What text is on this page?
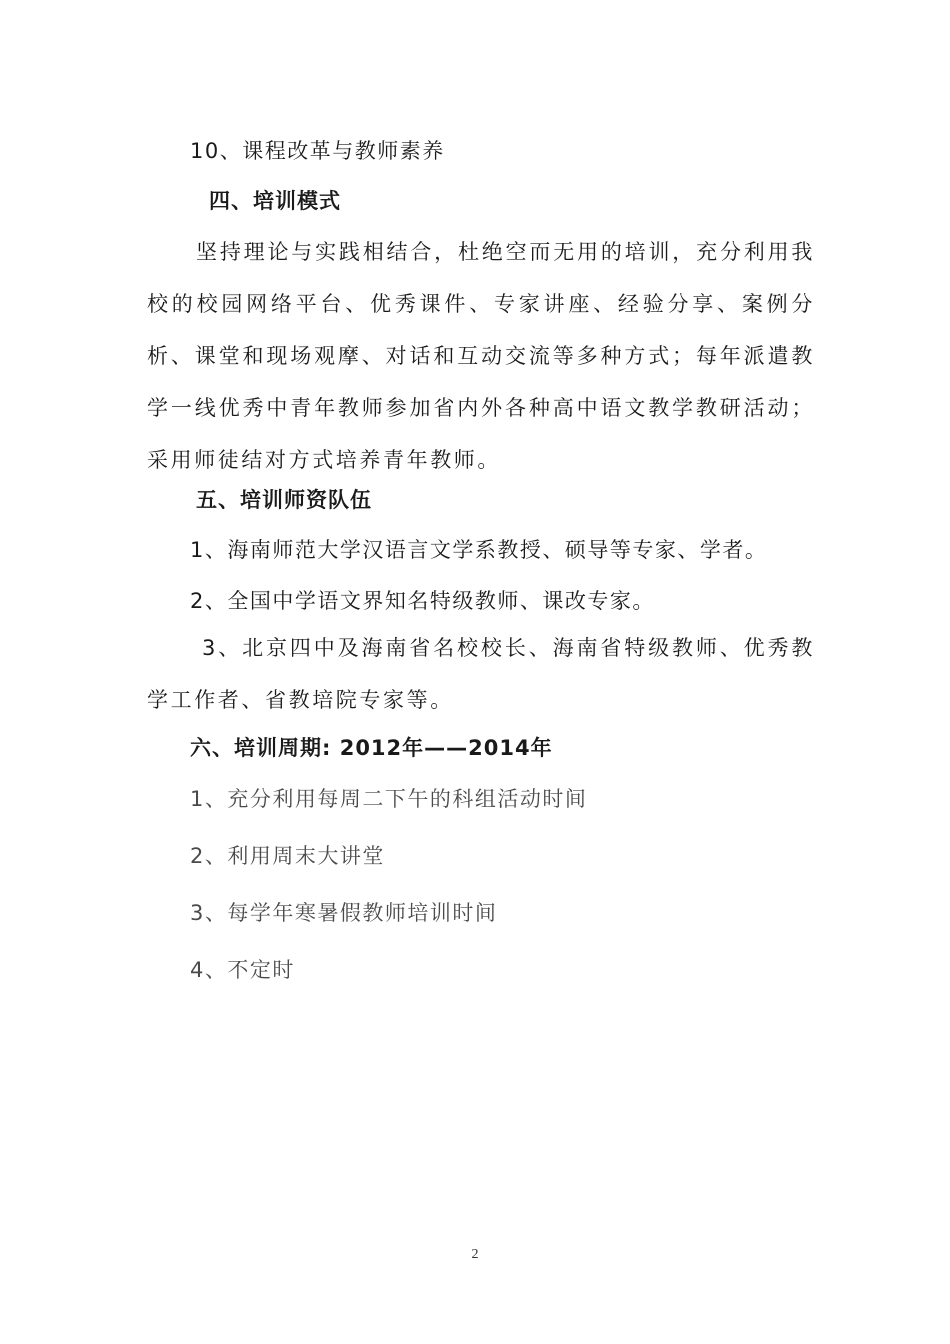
10、课程改革与教师素养
四、培训模式
坚持理论与实践相结合，杜绝空而无用的培训，充分利用我校的校园网络平台、优秀课件、专家讲座、经验分享、案例分析、课堂和现场观摩、对话和互动交流等多种方式；每年派遣教学一线优秀中青年教师参加省内外各种高中语文教学教研活动；采用师徒结对方式培养青年教师。
五、培训师资队伍
1、海南师范大学汉语言文学系教授、硕导等专家、学者。
2、全国中学语文界知名特级教师、课改专家。
3、北京四中及海南省名校校长、海南省特级教师、优秀教学工作者、省教培院专家等。
六、培训周期: 2012年——2014年
1、充分利用每周二下午的科组活动时间
2、利用周末大讲堂
3、每学年寒暑假教师培训时间
4、不定时
2
